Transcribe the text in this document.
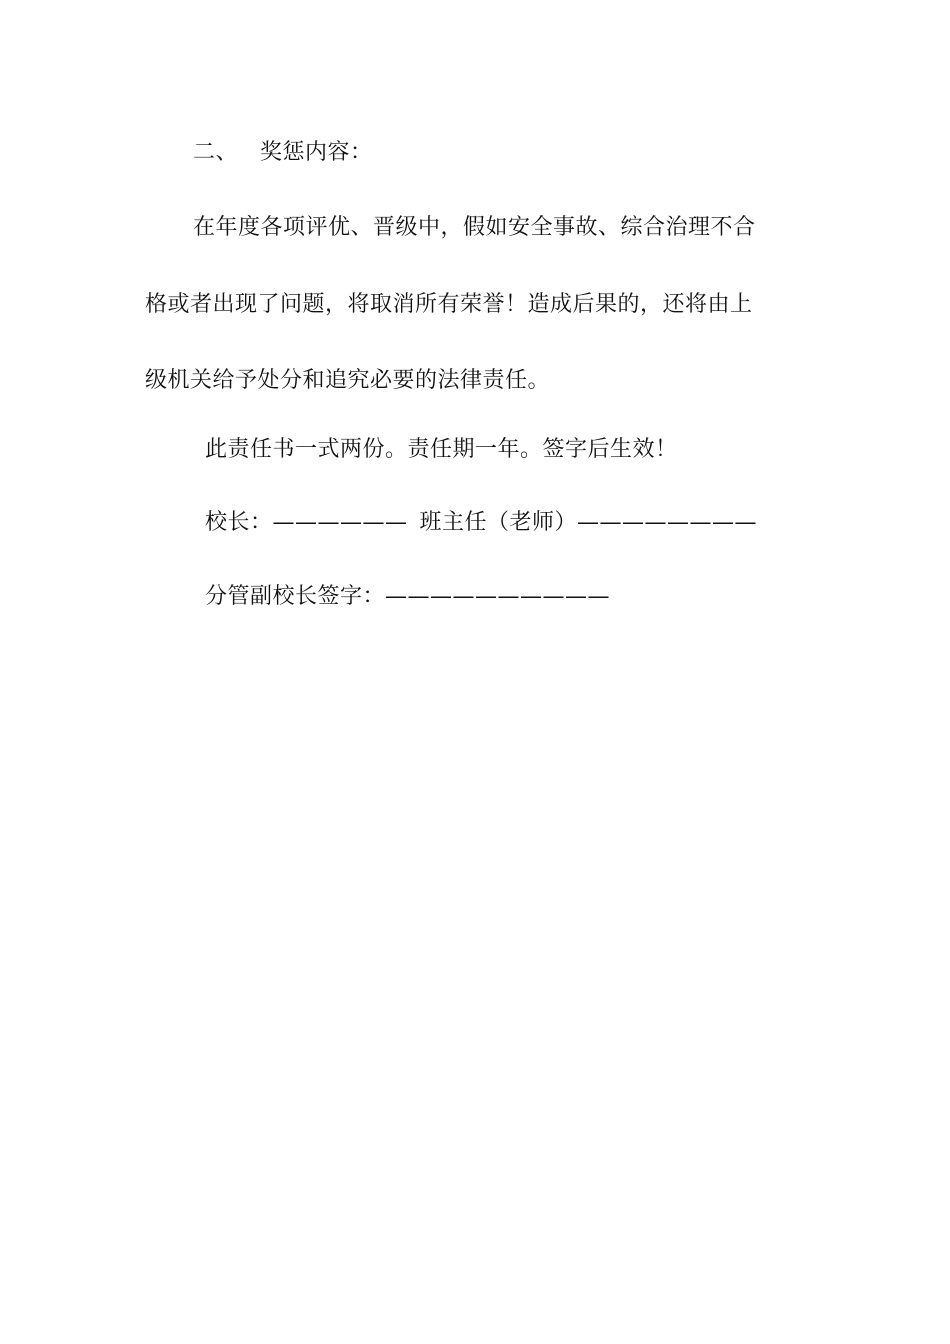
二、 奖惩内容：
在年度各项评优、晋级中，假如安全事故、综合治理不合
格或者出现了问题，将取消所有荣誉！造成后果的，还将由上
级机关给予处分和追究必要的法律责任。
此责任书一式两份。责任期一年。签字后生效！
校长：—————— 班主任（老师）————————
分管副校长签字：——————————
